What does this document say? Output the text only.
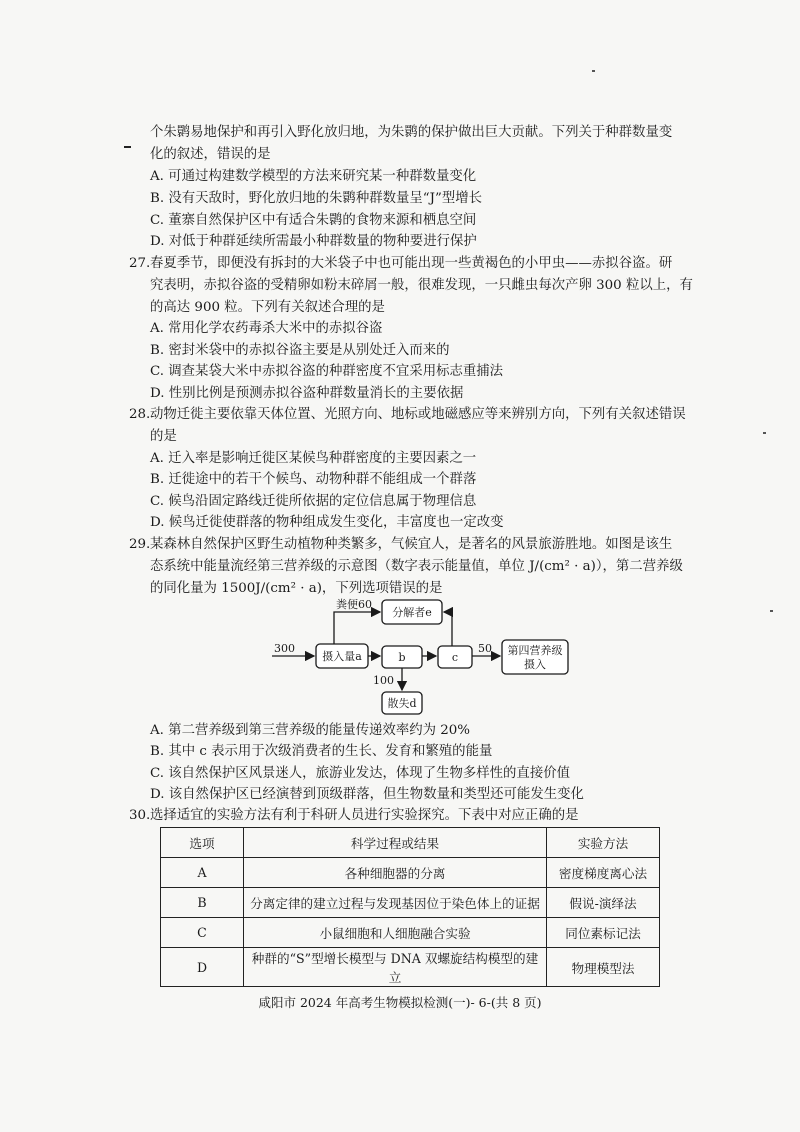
个朱鹮易地保护和再引入野化放归地，为朱鹮的保护做出巨大贡献。下列关于种群数量变
化的叙述，错误的是
A. 可通过构建数学模型的方法来研究某一种群数量变化
B. 没有天敌时，野化放归地的朱鹮种群数量呈“J”型增长
C. 董寨自然保护区中有适合朱鹮的食物来源和栖息空间
D. 对低于种群延续所需最小种群数量的物种要进行保护
27. 春夏季节，即便没有拆封的大米袋子中也可能出现一些黄褐色的小甲虫——赤拟谷盗。研
究表明，赤拟谷盗的受精卵如粉末碎屑一般，很难发现，一只雌虫每次产卵 300 粒以上，有
的高达 900 粒。下列有关叙述合理的是
A. 常用化学农药毒杀大米中的赤拟谷盗
B. 密封米袋中的赤拟谷盗主要是从别处迁入而来的
C. 调查某袋大米中赤拟谷盗的种群密度不宜采用标志重捕法
D. 性别比例是预测赤拟谷盗种群数量消长的主要依据
28. 动物迁徙主要依靠天体位置、光照方向、地标或地磁感应等来辨别方向，下列有关叙述错误
的是
A. 迁入率是影响迁徙区某候鸟种群密度的主要因素之一
B. 迁徙途中的若干个候鸟、动物种群不能组成一个群落
C. 候鸟沿固定路线迁徙所依据的定位信息属于物理信息
D. 候鸟迁徙使群落的物种组成发生变化，丰富度也一定改变
29. 某森林自然保护区野生动植物种类繁多，气候宜人，是著名的风景旅游胜地。如图是该生
态系统中能量流经第三营养级的示意图（数字表示能量值，单位 J/(cm² · a)），第二营养级
的同化量为 1500J/(cm² · a)，下列选项错误的是
300
摄入量a
粪便60
分解者e
b	c
50 第四营养级
摄入
100
散失d
A. 第二营养级到第三营养级的能量传递效率约为 20%
B. 其中 c 表示用于次级消费者的生长、发育和繁殖的能量
C. 该自然保护区风景迷人，旅游业发达，体现了生物多样性的直接价值
D. 该自然保护区已经演替到顶级群落，但生物数量和类型还可能发生变化
30. 选择适宜的实验方法有利于科研人员进行实验探究。下表中对应正确的是
选项	科学过程或结果	实验方法
A	各种细胞器的分离	密度梯度离心法
B	分离定律的建立过程与发现基因位于染色体上的证据	假说-演绎法
C	小鼠细胞和人细胞融合实验	同位素标记法
D	种群的“S”型增长模型与 DNA 双螺旋结构模型的建立	物理模型法
咸阳市 2024 年高考生物模拟检测(一)- 6-(共 8 页)
